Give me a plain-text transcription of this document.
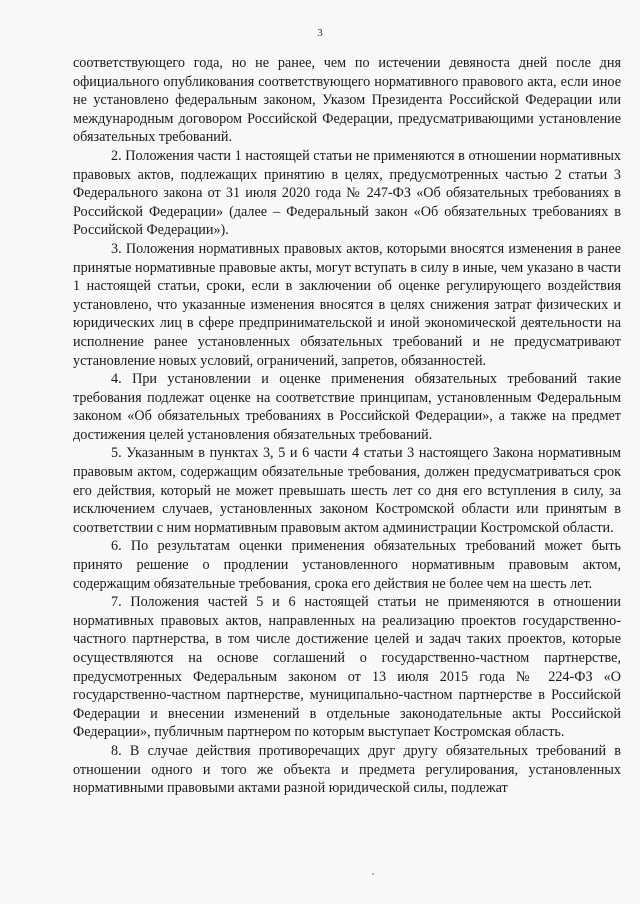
3

соответствующего года, но не ранее, чем по истечении девяноста дней после дня официального опубликования соответствующего нормативного правового акта, если иное не установлено федеральным законом, Указом Президента Российской Федерации или международным договором Российской Федерации, предусматривающими установление обязательных требований.

2. Положения части 1 настоящей статьи не применяются в отношении нормативных правовых актов, подлежащих принятию в целях, предусмотренных частью 2 статьи 3 Федерального закона от 31 июля 2020 года № 247-ФЗ «Об обязательных требованиях в Российской Федерации» (далее – Федеральный закон «Об обязательных требованиях в Российской Федерации»).

3. Положения нормативных правовых актов, которыми вносятся изменения в ранее принятые нормативные правовые акты, могут вступать в силу в иные, чем указано в части 1 настоящей статьи, сроки, если в заключении об оценке регулирующего воздействия установлено, что указанные изменения вносятся в целях снижения затрат физических и юридических лиц в сфере предпринимательской и иной экономической деятельности на исполнение ранее установленных обязательных требований и не предусматривают установление новых условий, ограничений, запретов, обязанностей.

4. При установлении и оценке применения обязательных требований такие требования подлежат оценке на соответствие принципам, установленным Федеральным законом «Об обязательных требованиях в Российской Федерации», а также на предмет достижения целей установления обязательных требований.

5. Указанным в пунктах 3, 5 и 6 части 4 статьи 3 настоящего Закона нормативным правовым актом, содержащим обязательные требования, должен предусматриваться срок его действия, который не может превышать шесть лет со дня его вступления в силу, за исключением случаев, установленных законом Костромской области или принятым в соответствии с ним нормативным правовым актом администрации Костромской области.

6. По результатам оценки применения обязательных требований может быть принято решение о продлении установленного нормативным правовым актом, содержащим обязательные требования, срока его действия не более чем на шесть лет.

7. Положения частей 5 и 6 настоящей статьи не применяются в отношении нормативных правовых актов, направленных на реализацию проектов государственно-частного партнерства, в том числе достижение целей и задач таких проектов, которые осуществляются на основе соглашений о государственно-частном партнерстве, предусмотренных Федеральным законом от 13 июля 2015 года № 224-ФЗ «О государственно-частном партнерстве, муниципально-частном партнерстве в Российской Федерации и внесении изменений в отдельные законодательные акты Российской Федерации», публичным партнером по которым выступает Костромская область.

8. В случае действия противоречащих друг другу обязательных требований в отношении одного и того же объекта и предмета регулирования, установленных нормативными правовыми актами разной юридической силы, подлежат
